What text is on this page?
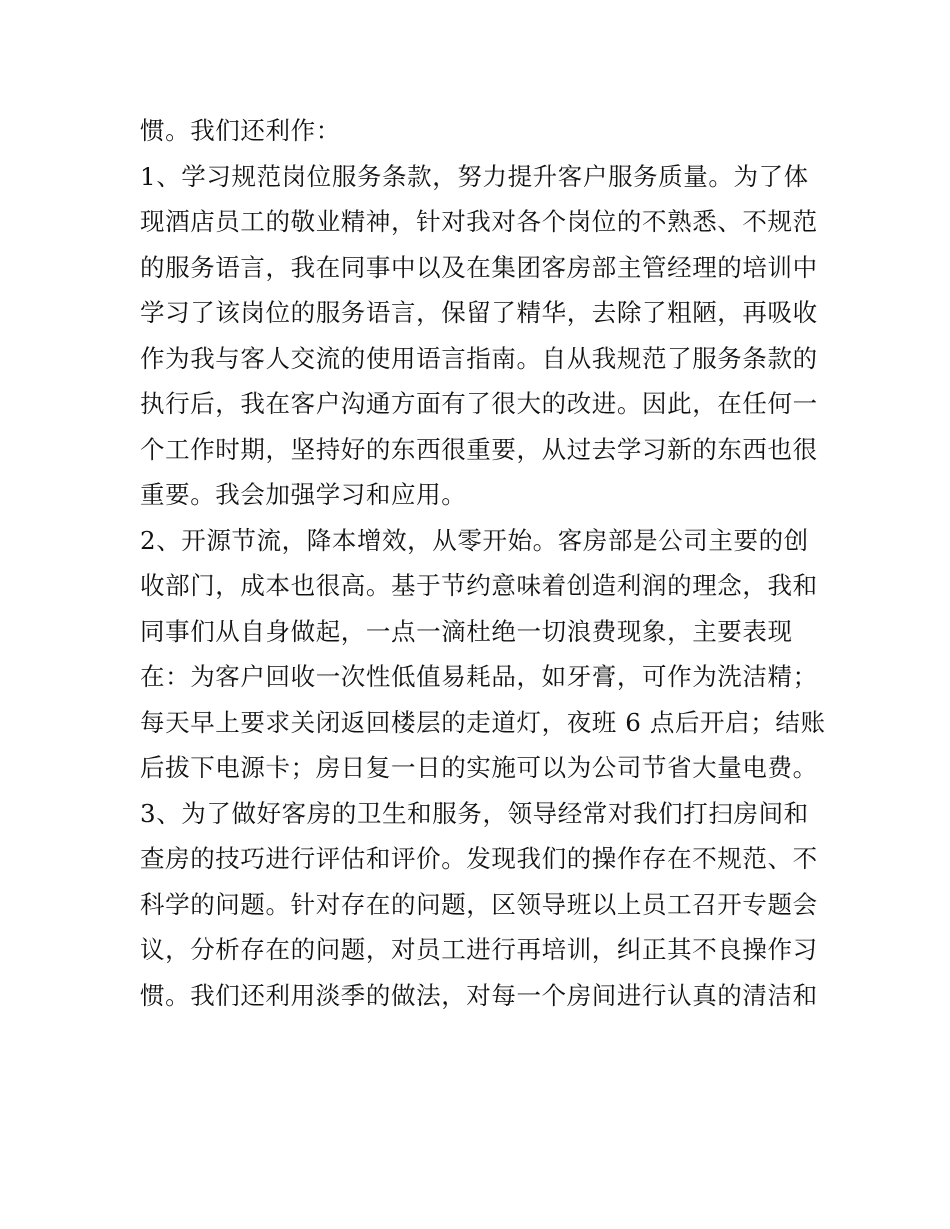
惯。我们还利作：
1、学习规范岗位服务条款，努力提升客户服务质量。为了体
现酒店员工的敬业精神，针对我对各个岗位的不熟悉、不规范
的服务语言，我在同事中以及在集团客房部主管经理的培训中
学习了该岗位的服务语言，保留了精华，去除了粗陋，再吸收
作为我与客人交流的使用语言指南。自从我规范了服务条款的
执行后，我在客户沟通方面有了很大的改进。因此，在任何一
个工作时期，坚持好的东西很重要，从过去学习新的东西也很
重要。我会加强学习和应用。
2、开源节流，降本增效，从零开始。客房部是公司主要的创
收部门，成本也很高。基于节约意味着创造利润的理念，我和
同事们从自身做起，一点一滴杜绝一切浪费现象，主要表现
在：为客户回收一次性低值易耗品，如牙膏，可作为洗洁精；
每天早上要求关闭返回楼层的走道灯，夜班 6 点后开启；结账
后拔下电源卡；房日复一日的实施可以为公司节省大量电费。
3、为了做好客房的卫生和服务，领导经常对我们打扫房间和
查房的技巧进行评估和评价。发现我们的操作存在不规范、不
科学的问题。针对存在的问题，区领导班以上员工召开专题会
议，分析存在的问题，对员工进行再培训，纠正其不良操作习
惯。我们还利用淡季的做法，对每一个房间进行认真的清洁和
